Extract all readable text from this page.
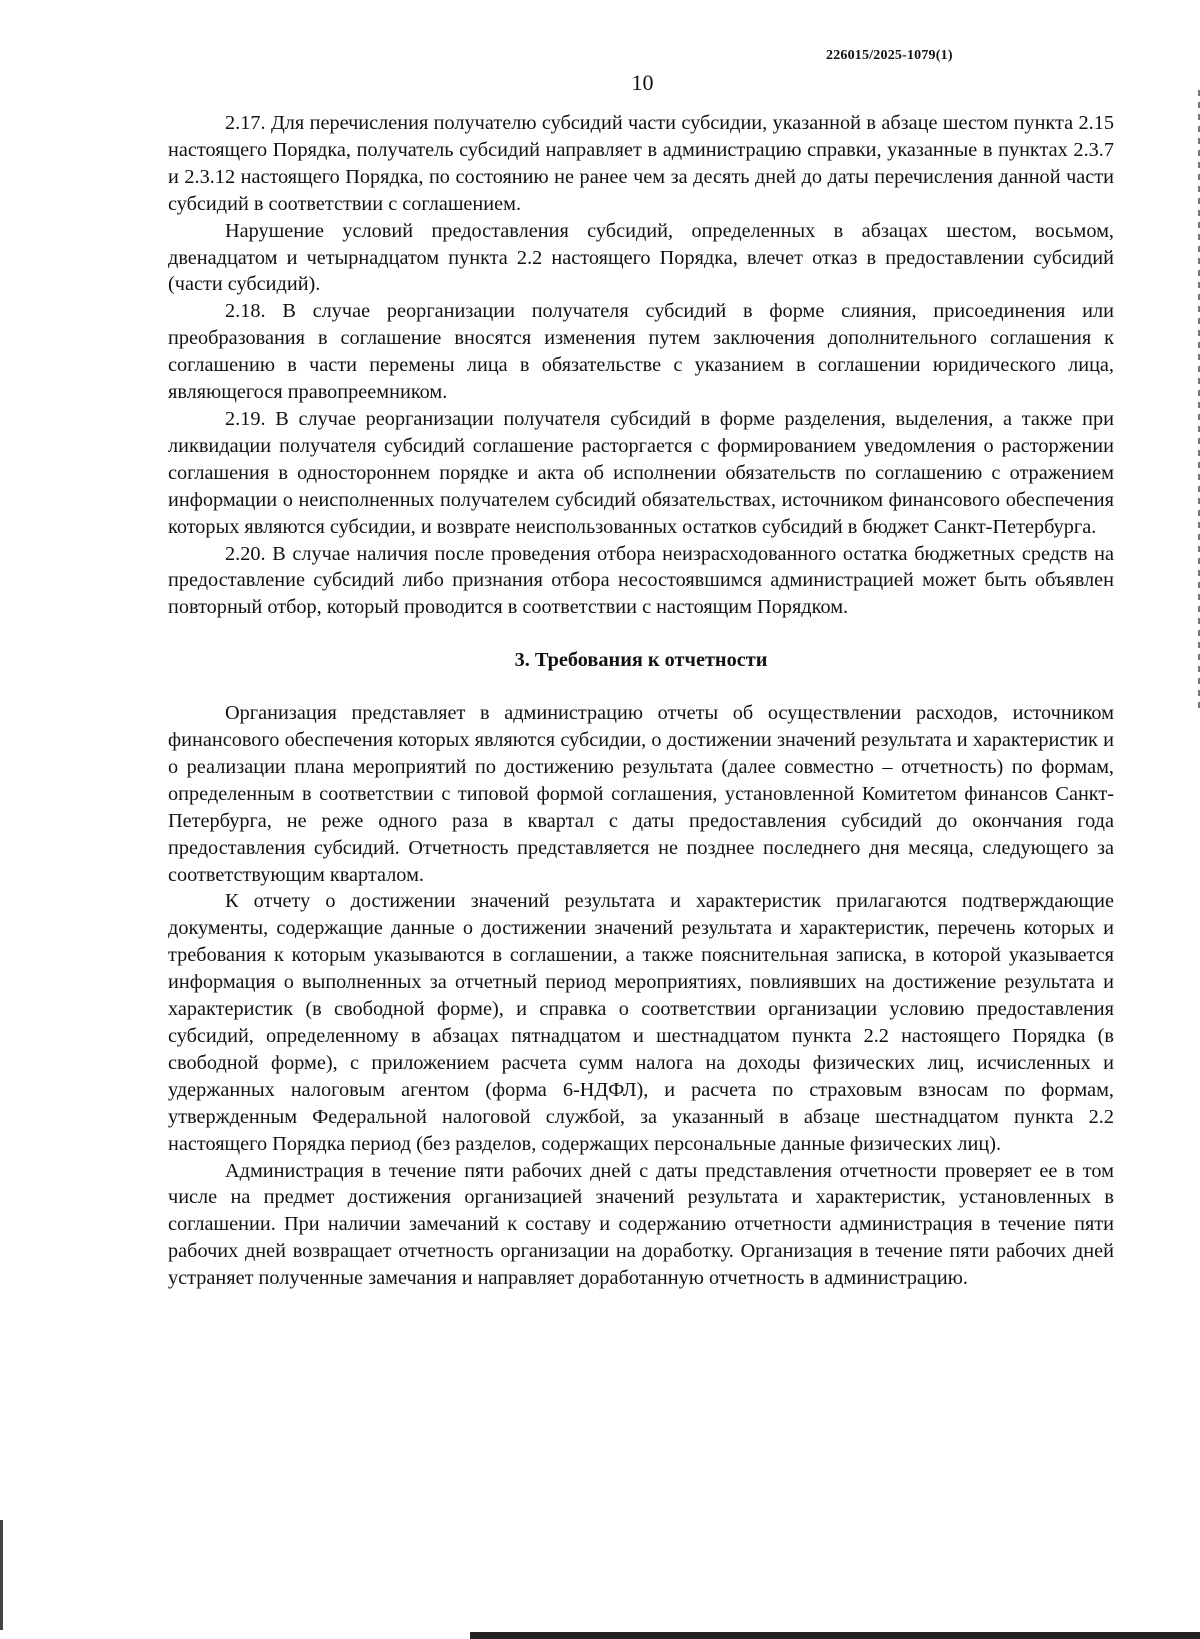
226015/2025-1079(1)
10

2.17. Для перечисления получателю субсидий части субсидии, указанной в абзаце шестом пункта 2.15 настоящего Порядка, получатель субсидий направляет в администрацию справки, указанные в пунктах 2.3.7 и 2.3.12 настоящего Порядка, по состоянию не ранее чем за десять дней до даты перечисления данной части субсидий в соответствии с соглашением.

Нарушение условий предоставления субсидий, определенных в абзацах шестом, восьмом, двенадцатом и четырнадцатом пункта 2.2 настоящего Порядка, влечет отказ в предоставлении субсидий (части субсидий).

2.18. В случае реорганизации получателя субсидий в форме слияния, присоединения или преобразования в соглашение вносятся изменения путем заключения дополнительного соглашения к соглашению в части перемены лица в обязательстве с указанием в соглашении юридического лица, являющегося правопреемником.

2.19. В случае реорганизации получателя субсидий в форме разделения, выделения, а также при ликвидации получателя субсидий соглашение расторгается с формированием уведомления о расторжении соглашения в одностороннем порядке и акта об исполнении обязательств по соглашению с отражением информации о неисполненных получателем субсидий обязательствах, источником финансового обеспечения которых являются субсидии, и возврате неиспользованных остатков субсидий в бюджет Санкт-Петербурга.

2.20. В случае наличия после проведения отбора неизрасходованного остатка бюджетных средств на предоставление субсидий либо признания отбора несостоявшимся администрацией может быть объявлен повторный отбор, который проводится в соответствии с настоящим Порядком.

3. Требования к отчетности

Организация представляет в администрацию отчеты об осуществлении расходов, источником финансового обеспечения которых являются субсидии, о достижении значений результата и характеристик и о реализации плана мероприятий по достижению результата (далее совместно – отчетность) по формам, определенным в соответствии с типовой формой соглашения, установленной Комитетом финансов Санкт-Петербурга, не реже одного раза в квартал с даты предоставления субсидий до окончания года предоставления субсидий. Отчетность представляется не позднее последнего дня месяца, следующего за соответствующим кварталом.

К отчету о достижении значений результата и характеристик прилагаются подтверждающие документы, содержащие данные о достижении значений результата и характеристик, перечень которых и требования к которым указываются в соглашении, а также пояснительная записка, в которой указывается информация о выполненных за отчетный период мероприятиях, повлиявших на достижение результата и характеристик (в свободной форме), и справка о соответствии организации условию предоставления субсидий, определенному в абзацах пятнадцатом и шестнадцатом пункта 2.2 настоящего Порядка (в свободной форме), с приложением расчета сумм налога на доходы физических лиц, исчисленных и удержанных налоговым агентом (форма 6-НДФЛ), и расчета по страховым взносам по формам, утвержденным Федеральной налоговой службой, за указанный в абзаце шестнадцатом пункта 2.2 настоящего Порядка период (без разделов, содержащих персональные данные физических лиц).

Администрация в течение пяти рабочих дней с даты представления отчетности проверяет ее в том числе на предмет достижения организацией значений результата и характеристик, установленных в соглашении. При наличии замечаний к составу и содержанию отчетности администрация в течение пяти рабочих дней возвращает отчетность организации на доработку. Организация в течение пяти рабочих дней устраняет полученные замечания и направляет доработанную отчетность в администрацию.
